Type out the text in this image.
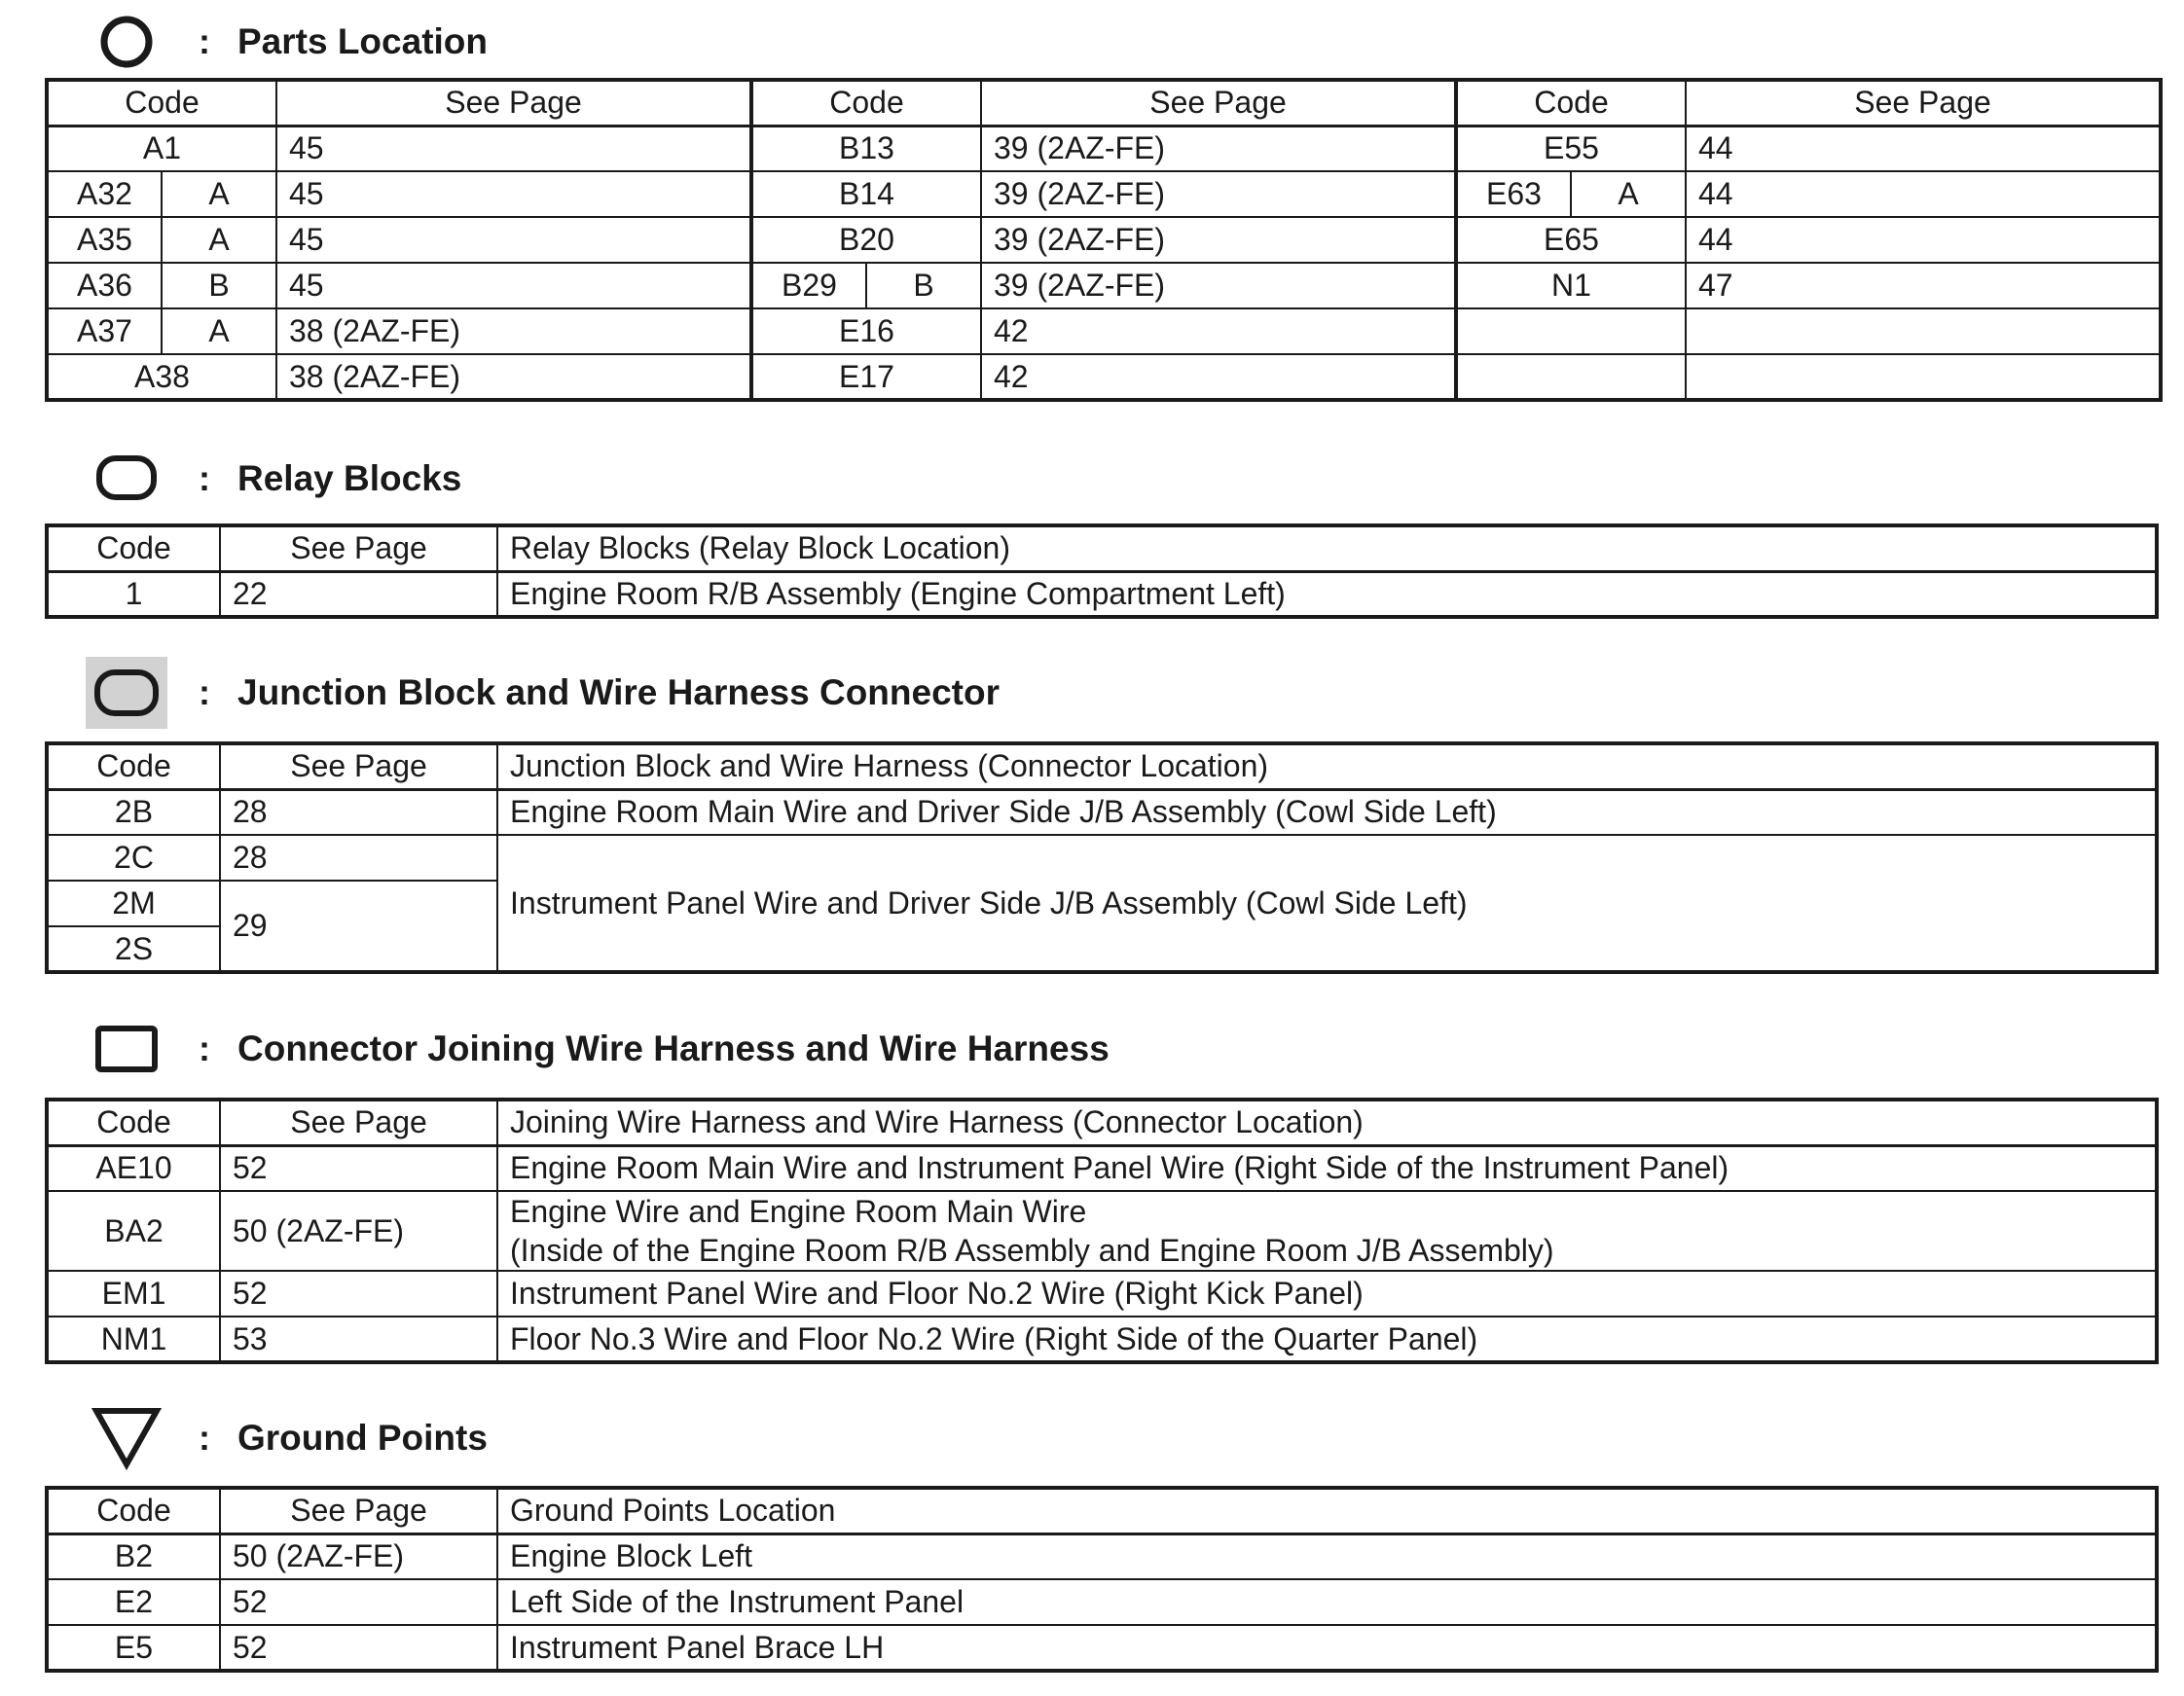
: Parts Location
Code		See Page	Code		See Page	Code		See Page
A1		45	B13		39 (2AZ-FE)	E55		44
A32	A	45	B14		39 (2AZ-FE)	E63	A	44
A35	A	45	B20		39 (2AZ-FE)	E65		44
A36	B	45	B29	B	39 (2AZ-FE)	N1		47
A37	A	38 (2AZ-FE)	E16		42			
A38		38 (2AZ-FE)	E17		42			
: Relay Blocks
Code	See Page	Relay Blocks (Relay Block Location)
1	22	Engine Room R/B Assembly (Engine Compartment Left)
: Junction Block and Wire Harness Connector
Code	See Page	Junction Block and Wire Harness (Connector Location)
2B	28	Engine Room Main Wire and Driver Side J/B Assembly (Cowl Side Left)
2C	28	Instrument Panel Wire and Driver Side J/B Assembly (Cowl Side Left)
2M	29	
2S		
: Connector Joining Wire Harness and Wire Harness
Code	See Page	Joining Wire Harness and Wire Harness (Connector Location)
AE10	52	Engine Room Main Wire and Instrument Panel Wire (Right Side of the Instrument Panel)
BA2	50 (2AZ-FE)	Engine Wire and Engine Room Main Wire
(Inside of the Engine Room R/B Assembly and Engine Room J/B Assembly)

EM1	52	Instrument Panel Wire and Floor No.2 Wire (Right Kick Panel)
NM1	53	Floor No.3 Wire and Floor No.2 Wire (Right Side of the Quarter Panel)
: Ground Points
Code	See Page	Ground Points Location
B2	50 (2AZ-FE)	Engine Block Left
E2	52	Left Side of the Instrument Panel
E5	52	Instrument Panel Brace LH
